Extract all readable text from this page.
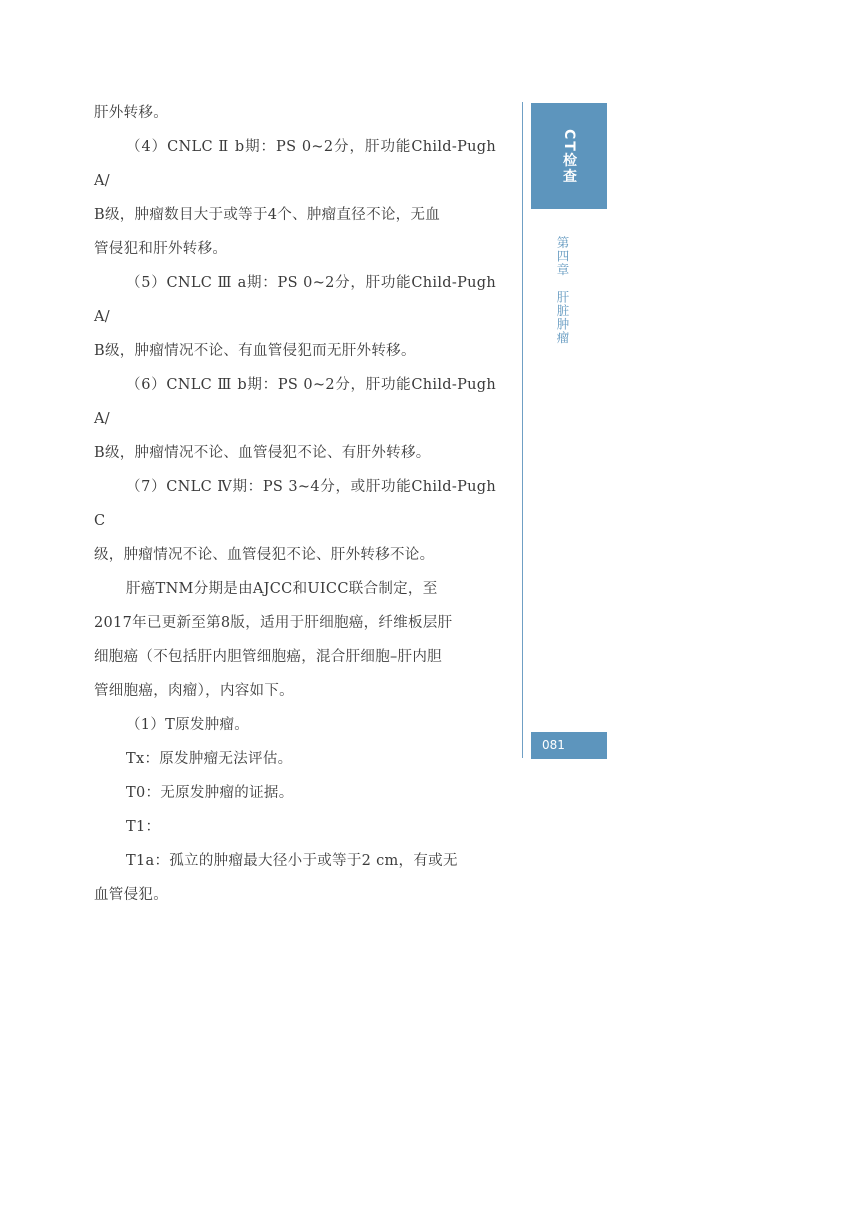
肝外转移。

（4）CNLC Ⅱ b期：PS 0~2分，肝功能Child-Pugh A/

B级，肿瘤数目大于或等于4个、肿瘤直径不论，无血

管侵犯和肝外转移。

（5）CNLC Ⅲ a期：PS 0~2分，肝功能Child-Pugh A/

B级，肿瘤情况不论、有血管侵犯而无肝外转移。

（6）CNLC Ⅲ b期：PS 0~2分，肝功能Child-Pugh A/

B级，肿瘤情况不论、血管侵犯不论、有肝外转移。

（7）CNLC Ⅳ期：PS 3~4分，或肝功能Child-Pugh C

级，肿瘤情况不论、血管侵犯不论、肝外转移不论。

肝癌TNM分期是由AJCC和UICC联合制定，至

2017年已更新至第8版，适用于肝细胞癌，纤维板层肝

细胞癌（不包括肝内胆管细胞癌，混合肝细胞–肝内胆

管细胞癌，肉瘤），内容如下。

（1）T原发肿瘤。

Tx：原发肿瘤无法评估。

T0：无原发肿瘤的证据。

T1：

T1a：孤立的肿瘤最大径小于或等于2 cm，有或无

血管侵犯。

CT检查
第四章肝脏肿瘤
081
